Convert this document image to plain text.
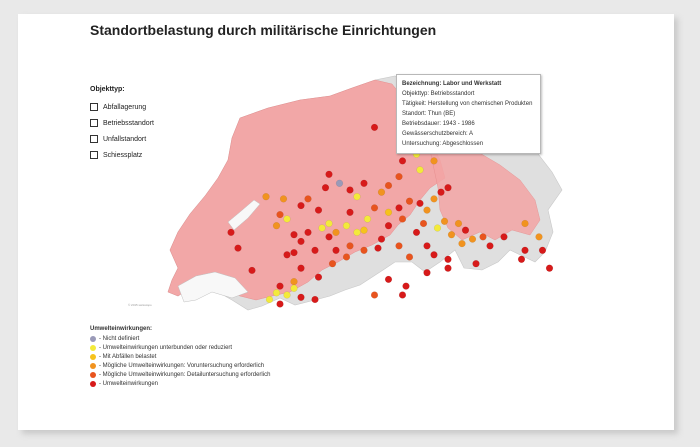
Standortbelastung durch militärische Einrichtungen
Objekttyp:
Abfallagerung
Betriebsstandort
Unfallstandort
Schiessplatz
Bezeichnung: Labor und Werkstatt
Objekttyp: Betriebsstandort
Tätigkeit: Herstellung von chemischen Produkten
Standort: Thun (BE)
Betriebsdauer: 1943 - 1986
Gewässerschutzbereich: A
Untersuchung: Abgeschlossen
© 2015 swisstopo
Umwelteinwirkungen:
- Nicht definiert
- Umwelteinwirkungen unterbunden oder reduziert
- Mit Abfällen belastet
- Mögliche Umwelteinwirkungen: Voruntersuchung erforderlich
- Mögliche Umwelteinwirkungen: Detailuntersuchung erforderlich
- Umwelteinwirkungen
